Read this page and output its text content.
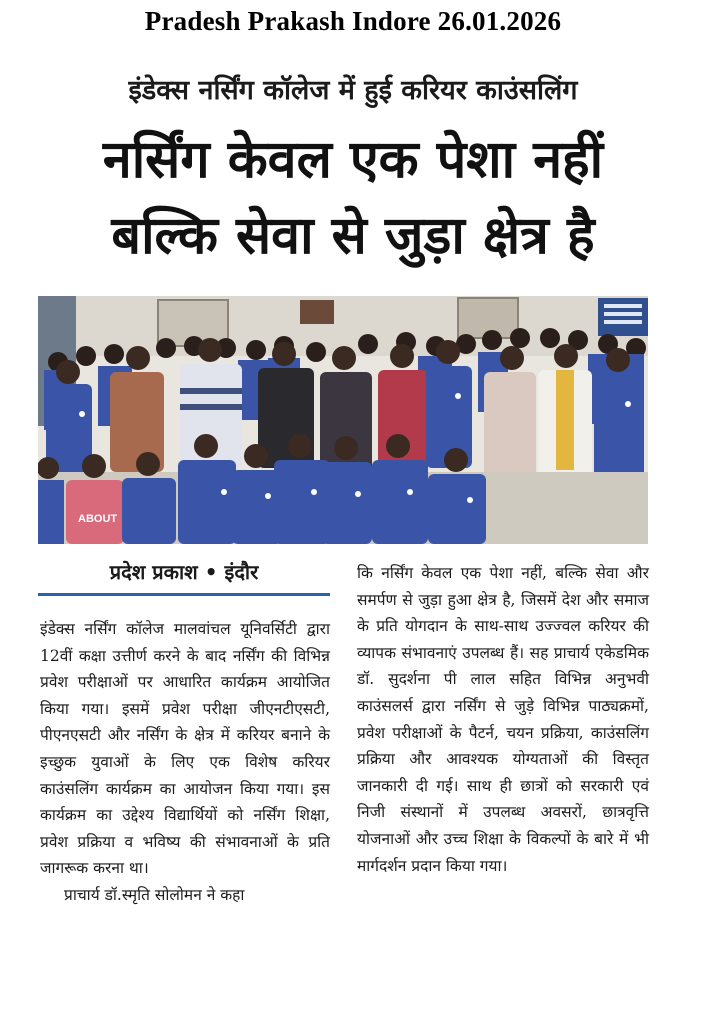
Pradesh Prakash Indore 26.01.2026
इंडेक्स नर्सिंग कॉलेज में हुई करियर काउंसलिंग
नर्सिंग केवल एक पेशा नहीं
बल्कि सेवा से जुड़ा क्षेत्र है
ABOUT
प्रदेश प्रकाश • इंदौर

इंडेक्स नर्सिंग कॉलेज मालवांचल यूनिवर्सिटी द्वारा 12वीं कक्षा उत्तीर्ण करने के बाद नर्सिंग की विभिन्न प्रवेश परीक्षाओं पर आधारित कार्यक्रम आयोजित किया गया। इसमें प्रवेश परीक्षा जीएनटीएसटी, पीएनएसटी और नर्सिंग के क्षेत्र में करियर बनाने के इच्छुक युवाओं के लिए एक विशेष करियर काउंसलिंग कार्यक्रम का आयोजन किया गया। इस कार्यक्रम का उद्देश्य विद्यार्थियों को नर्सिंग शिक्षा, प्रवेश प्रक्रिया व भविष्य की संभावनाओं के प्रति जागरूक करना था।

प्राचार्य डॉ.स्मृति सोलोमन ने कहा

कि नर्सिंग केवल एक पेशा नहीं, बल्कि सेवा और समर्पण से जुड़ा हुआ क्षेत्र है, जिसमें देश और समाज के प्रति योगदान के साथ-साथ उज्ज्वल करियर की व्यापक संभावनाएं उपलब्ध हैं। सह प्राचार्य एकेडमिक डॉ. सुदर्शना पी लाल सहित विभिन्न अनुभवी काउंसलर्स द्वारा नर्सिंग से जुड़े विभिन्न पाठ्यक्रमों, प्रवेश परीक्षाओं के पैटर्न, चयन प्रक्रिया, काउंसलिंग प्रक्रिया और आवश्यक योग्यताओं की विस्तृत जानकारी दी गई। साथ ही छात्रों को सरकारी एवं निजी संस्थानों में उपलब्ध अवसरों, छात्रवृत्ति योजनाओं और उच्च शिक्षा के विकल्पों के बारे में भी मार्गदर्शन प्रदान किया गया।
